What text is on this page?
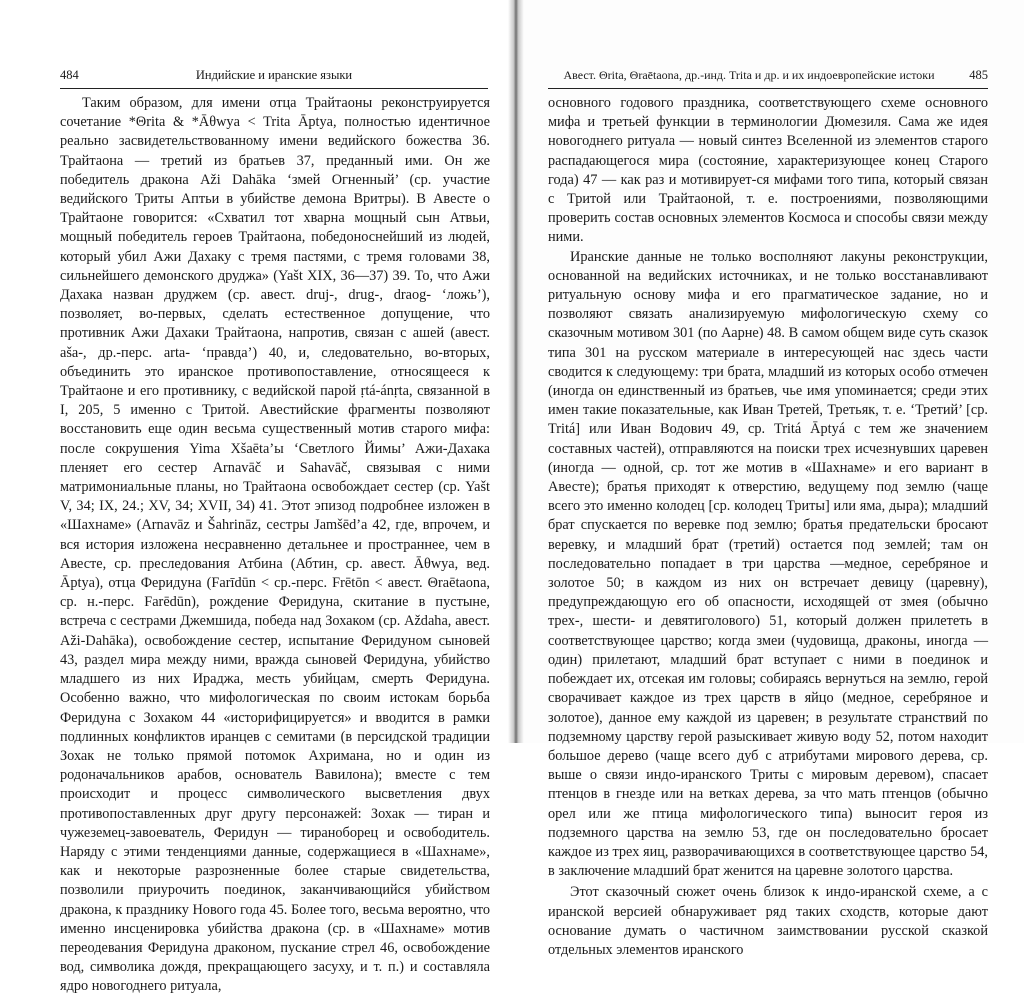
484	Индийские и иранские языки

Таким образом, для имени отца Трайтаоны реконструируется сочетание *Θrita & *Āθwya < Trita Āptya, полностью идентичное реально засвидетельствованному имени ведийского божества 36. Трайтаона — третий из братьев 37, преданный ими. Он же победитель дракона Aži Dahāka ‘змей Огненный’ (ср. участие ведийского Триты Аптьи в убийстве демона Вритры). В Авесте о Трайтаоне говорится: «Схватил тот хварна мощный сын Атвьи, мощный победитель героев Трайтаона, победоноснейший из людей, который убил Ажи Дахаку с тремя пастями, с тремя головами 38, сильнейшего демонского друджа» (Yašt XIX, 36—37) 39. То, что Ажи Дахака назван друджем (ср. авест. druj-, drug-, draog- ‘ложь’), позволяет, во-первых, сделать естественное допущение, что противник Ажи Дахаки Трайтаона, напротив, связан с ашей (авест. aša-, др.-перс. arta- ‘правда’) 40, и, следовательно, во-вторых, объединить это иранское противопоставление, относящееся к Трайтаоне и его противнику, с ведийской парой ṛtá-ánṛta, связанной в I, 205, 5 именно с Тритой. Авестийские фрагменты позволяют восстановить еще один весьма существенный мотив старого мифа: после сокрушения Yima Xšaēta’ы ‘Светлого Йимы’ Ажи-Дахака пленяет его сестер Arnavāč и Sahavāč, связывая с ними матримониальные планы, но Трайтаона освобождает сестер (ср. Yašt V, 34; IX, 24.; XV, 34; XVII, 34) 41. Этот эпизод подробнее изложен в «Шахнаме» (Arnavāz и Šahrināz, сестры Jamšēd’а 42, где, впрочем, и вся история изложена несравненно детальнее и пространнее, чем в Авесте, ср. преследования Атбина (Абтин, ср. авест. Āθwya, вед. Āptya), отца Феридуна (Farīdūn < ср.-перс. Frētōn < авест. Θraētaona, ср. н.-перс. Farēdūn), рождение Феридуна, скитание в пустыне, встреча с сестрами Джемшида, победа над Зохаком (ср. Aždaha, авест. Aži-Dahāka), освобождение сестер, испытание Феридуном сыновей 43, раздел мира между ними, вражда сыновей Феридуна, убийство младшего из них Ираджа, месть убийцам, смерть Феридуна. Особенно важно, что мифологическая по своим истокам борьба Феридуна с Зохаком 44 «историфицируется» и вводится в рамки подлинных конфликтов иранцев с семитами (в персидской традиции Зохак не только прямой потомок Ахримана, но и один из родоначальников арабов, основатель Вавилона); вместе с тем происходит и процесс символического высветления двух противопоставленных друг другу персонажей: Зохак — тиран и чужеземец-завоеватель, Феридун — тираноборец и освободитель. Наряду с этими тенденциями данные, содержащиеся в «Шахнаме», как и некоторые разрозненные более старые свидетельства, позволили приурочить поединок, заканчивающийся убийством дракона, к празднику Нового года 45. Более того, весьма вероятно, что именно инсценировка убийства дракона (ср. в «Шахнаме» мотив переодевания Феридуна драконом, пускание стрел 46, освобождение вод, символика дождя, прекращающего засуху, и т. п.) и составляла ядро новогоднего ритуала,

Авест. Θrita, Θraētaona, др.-инд. Trita и др. и их индоевропейские истоки	485

основного годового праздника, соответствующего схеме основного мифа и третьей функции в терминологии Дюмезиля. Сама же идея новогоднего ритуала — новый синтез Вселенной из элементов старого распадающегося мира (состояние, характеризующее конец Старого года) 47 — как раз и мотивирует-ся мифами того типа, который связан с Тритой или Трайтаоной, т. е. построениями, позволяющими проверить состав основных элементов Космоса и способы связи между ними.

Иранские данные не только восполняют лакуны реконструкции, основанной на ведийских источниках, и не только восстанавливают ритуальную основу мифа и его прагматическое задание, но и позволяют связать анализируемую мифологическую схему со сказочным мотивом 301 (по Аарне) 48. В самом общем виде суть сказок типа 301 на русском материале в интересующей нас здесь части сводится к следующему: три брата, младший из которых особо отмечен (иногда он единственный из братьев, чье имя упоминается; среди этих имен такие показательные, как Иван Третей, Третьяк, т. е. ‘Третий’ [ср. Tritá] или Иван Водович 49, ср. Tritá Āptyá с тем же значением составных частей), отправляются на поиски трех исчезнувших царевен (иногда — одной, ср. тот же мотив в «Шахнаме» и его вариант в Авесте); братья приходят к отверстию, ведущему под землю (чаще всего это именно колодец [ср. колодец Триты] или яма, дыра); младший брат спускается по веревке под землю; братья предательски бросают веревку, и младший брат (третий) остается под землей; там он последовательно попадает в три царства —медное, серебряное и золотое 50; в каждом из них он встречает девицу (царевну), предупреждающую его об опасности, исходящей от змея (обычно трех-, шести- и девятиголового) 51, который должен прилететь в соответствующее царство; когда змеи (чудовища, драконы, иногда — один) прилетают, младший брат вступает с ними в поединок и побеждает их, отсекая им головы; собираясь вернуться на землю, герой сворачивает каждое из трех царств в яйцо (медное, серебряное и золотое), данное ему каждой из царевен; в результате странствий по подземному царству герой разыскивает живую воду 52, потом находит большое дерево (чаще всего дуб с атрибутами мирового дерева, ср. выше о связи индо-иранского Триты с мировым деревом), спасает птенцов в гнезде или на ветках дерева, за что мать птенцов (обычно орел или же птица мифологического типа) выносит героя из подземного царства на землю 53, где он последовательно бросает каждое из трех яиц, разворачивающихся в соответствующее царство 54, в заключение младший брат женится на царевне золотого царства.

Этот сказочный сюжет очень близок к индо-иранской схеме, а с иранской версией обнаруживает ряд таких сходств, которые дают основание думать о частичном заимствовании русской сказкой отдельных элементов иранского
